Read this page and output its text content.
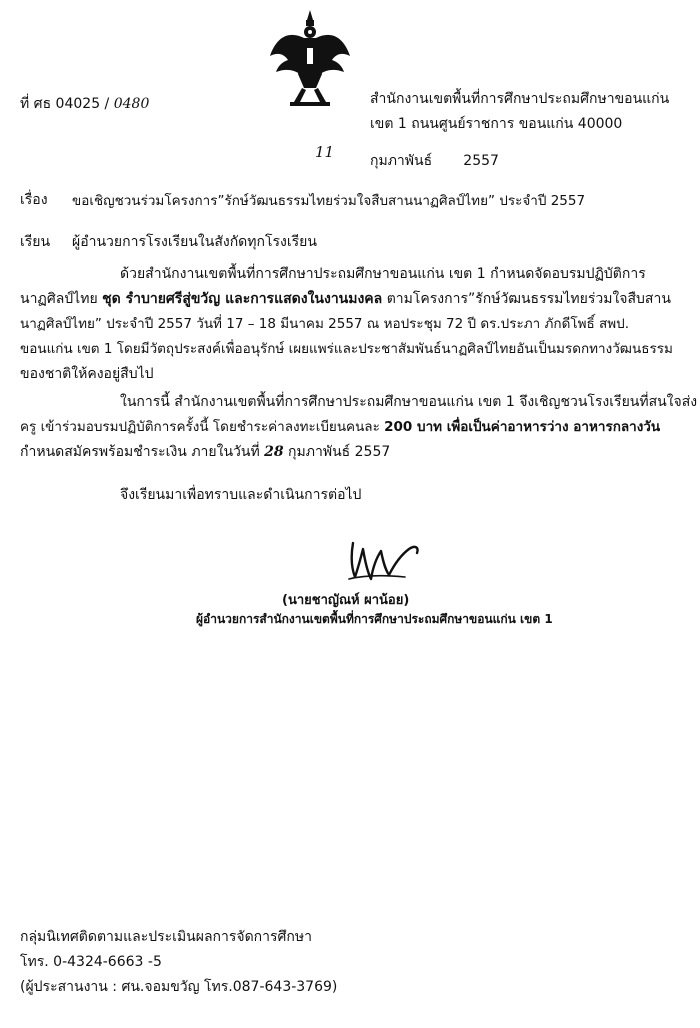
ที่ ศธ 04025 / 0480	สำนักงานเขตพื้นที่การศึกษาประถมศึกษาขอนแก่น
เขต 1 ถนนศูนย์ราชการ ขอนแก่น 40000
11	กุมภาพันธ์       2557
เรื่อง ขอเชิญชวนร่วมโครงการ”รักษ์วัฒนธรรมไทยร่วมใจสืบสานนาฏศิลป์ไทย” ประจำปี 2557
เรียน ผู้อำนวยการโรงเรียนในสังกัดทุกโรงเรียน
ด้วยสำนักงานเขตพื้นที่การศึกษาประถมศึกษาขอนแก่น เขต 1 กำหนดจัดอบรมปฏิบัติการ
นาฏศิลป์ไทย ชุด รำบายศรีสู่ขวัญ และการแสดงในงานมงคล ตามโครงการ”รักษ์วัฒนธรรมไทยร่วมใจสืบสาน
นาฏศิลป์ไทย” ประจำปี 2557 วันที่ 17 – 18 มีนาคม 2557 ณ หอประชุม 72 ปี ดร.ประภา ภักดีโพธิ์ สพป.
ขอนแก่น เขต 1 โดยมีวัตถุประสงค์เพื่ออนุรักษ์ เผยแพร่และประชาสัมพันธ์นาฏศิลป์ไทยอันเป็นมรดกทางวัฒนธรรม
ของชาติให้คงอยู่สืบไป
ในการนี้ สำนักงานเขตพื้นที่การศึกษาประถมศึกษาขอนแก่น เขต 1 จึงเชิญชวนโรงเรียนที่สนใจส่ง
ครู เข้าร่วมอบรมปฏิบัติการครั้งนี้ โดยชำระค่าลงทะเบียนคนละ 200 บาท เพื่อเป็นค่าอาหารว่าง อาหารกลางวัน
กำหนดสมัครพร้อมชำระเงิน ภายในวันที่ 28 กุมภาพันธ์ 2557
จึงเรียนมาเพื่อทราบและดำเนินการต่อไป
(นายชาญัณห์ ผาน้อย)
ผู้อำนวยการสำนักงานเขตพื้นที่การศึกษาประถมศึกษาขอนแก่น เขต 1
กลุ่มนิเทศติดตามและประเมินผลการจัดการศึกษา
โทร. 0-4324-6663 -5
(ผู้ประสานงาน : ศน.จอมขวัญ โทร.087-643-3769)
